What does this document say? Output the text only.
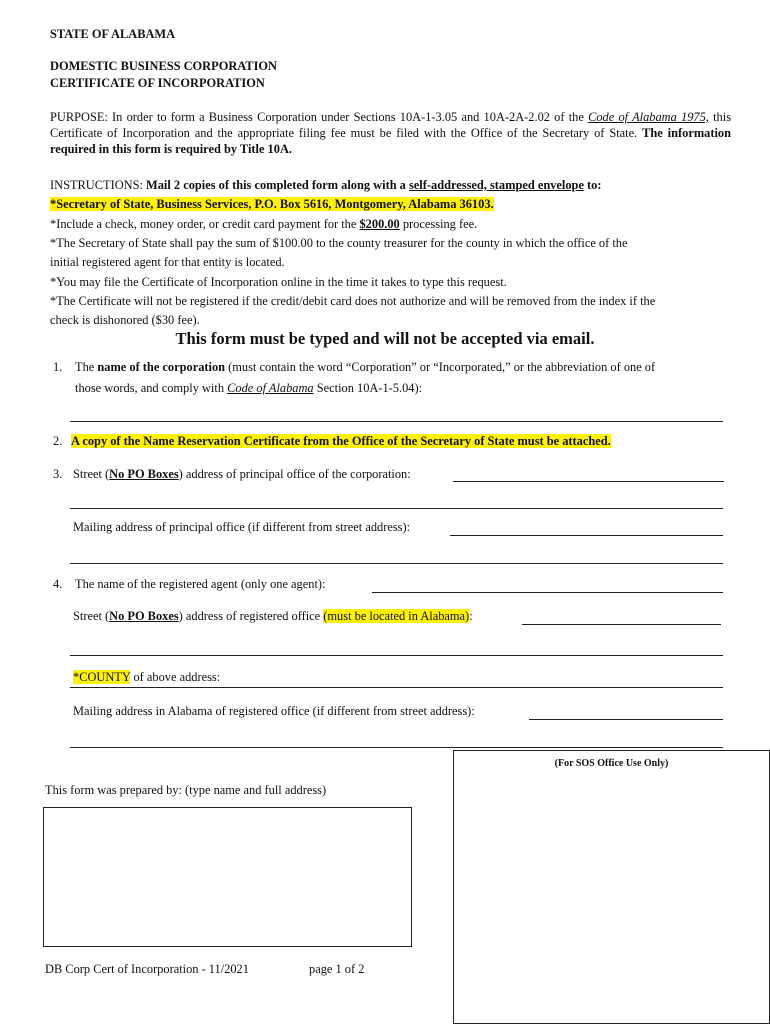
STATE OF ALABAMA
DOMESTIC BUSINESS CORPORATION
CERTIFICATE OF INCORPORATION
PURPOSE: In order to form a Business Corporation under Sections 10A-1-3.05 and 10A-2A-2.02 of the Code of Alabama 1975, this Certificate of Incorporation and the appropriate filing fee must be filed with the Office of the Secretary of State. The information required in this form is required by Title 10A.
INSTRUCTIONS: Mail 2 copies of this completed form along with a self-addressed, stamped envelope to:
*Secretary of State, Business Services, P.O. Box 5616, Montgomery, Alabama 36103.
*Include a check, money order, or credit card payment for the $200.00 processing fee.
*The Secretary of State shall pay the sum of $100.00 to the county treasurer for the county in which the office of the
initial registered agent for that entity is located.
*You may file the Certificate of Incorporation online in the time it takes to type this request.
*The Certificate will not be registered if the credit/debit card does not authorize and will be removed from the index if the
check is dishonored ($30 fee).
This form must be typed and will not be accepted via email.
1. The name of the corporation (must contain the word “Corporation” or “Incorporated,” or the abbreviation of one of
those words, and comply with Code of Alabama Section 10A-1-5.04):
2. A copy of the Name Reservation Certificate from the Office of the Secretary of State must be attached.
3. Street (No PO Boxes) address of principal office of the corporation:
Mailing address of principal office (if different from street address):
4. The name of the registered agent (only one agent):
Street (No PO Boxes) address of registered office (must be located in Alabama):
*COUNTY of above address:
Mailing address in Alabama of registered office (if different from street address):
(For SOS Office Use Only)
This form was prepared by: (type name and full address)
DB Corp Cert of Incorporation - 11/2021	page 1 of 2
